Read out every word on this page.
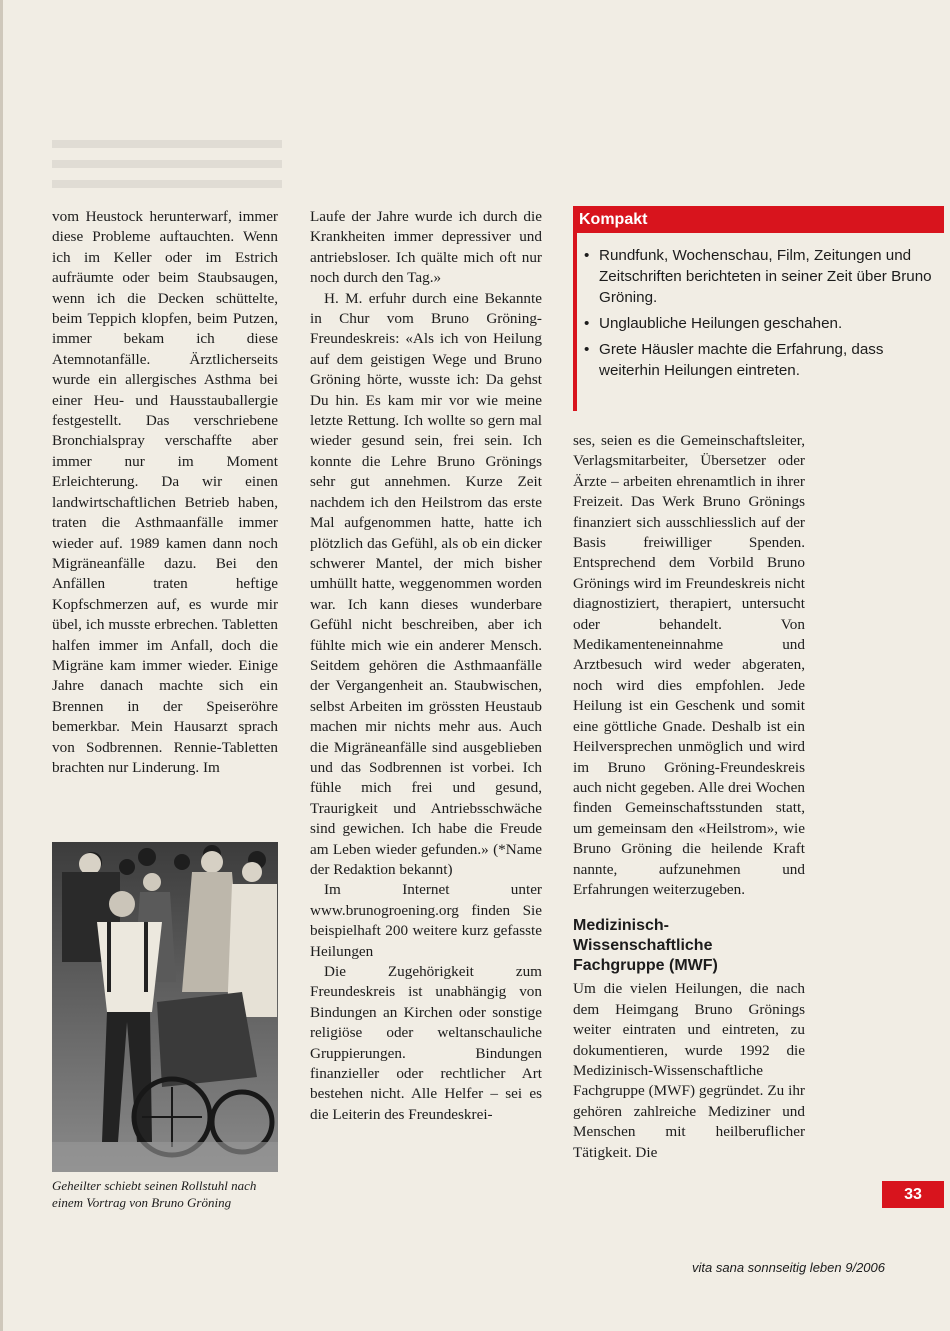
vom Heustock herunterwarf, immer diese Probleme auftauchten. Wenn ich im Keller oder im Estrich aufräumte oder beim Staubsaugen, wenn ich die Decken schüttelte, beim Teppich klopfen, beim Putzen, immer bekam ich diese Atemnotanfälle. Ärztlicherseits wurde ein allergisches Asthma bei einer Heu- und Hausstauballergie festgestellt. Das verschriebene Bronchialspray verschaffte aber immer nur im Moment Erleichterung. Da wir einen landwirtschaftlichen Betrieb haben, traten die Asthmaanfälle immer wieder auf. 1989 kamen dann noch Migräneanfälle dazu. Bei den Anfällen traten heftige Kopfschmerzen auf, es wurde mir übel, ich musste erbrechen. Tabletten halfen immer im Anfall, doch die Migräne kam immer wieder. Einige Jahre danach machte sich ein Brennen in der Speiseröhre bemerkbar. Mein Hausarzt sprach von Sodbrennen. Rennie-Tabletten brachten nur Linderung. Im

Geheilter schiebt seinen Rollstuhl nach einem Vortrag von Bruno Gröning

Laufe der Jahre wurde ich durch die Krankheiten immer depressiver und antriebsloser. Ich quälte mich oft nur noch durch den Tag.»

H. M. erfuhr durch eine Bekannte in Chur vom Bruno Gröning-Freundeskreis: «Als ich von Heilung auf dem geistigen Wege und Bruno Gröning hörte, wusste ich: Da gehst Du hin. Es kam mir vor wie meine letzte Rettung. Ich wollte so gern mal wieder gesund sein, frei sein. Ich konnte die Lehre Bruno Grönings sehr gut annehmen. Kurze Zeit nachdem ich den Heilstrom das erste Mal aufgenommen hatte, hatte ich plötzlich das Gefühl, als ob ein dicker schwerer Mantel, der mich bisher umhüllt hatte, weggenommen worden war. Ich kann dieses wunderbare Gefühl nicht beschreiben, aber ich fühlte mich wie ein anderer Mensch. Seitdem gehören die Asthmaanfälle der Vergangenheit an. Staubwischen, selbst Arbeiten im grössten Heustaub machen mir nichts mehr aus. Auch die Migräneanfälle sind ausgeblieben und das Sodbrennen ist vorbei. Ich fühle mich frei und gesund, Traurigkeit und Antriebsschwäche sind gewichen. Ich habe die Freude am Leben wieder gefunden.» (*Name der Redaktion bekannt)

Im Internet unter www.brunogroening.org finden Sie beispielhaft 200 weitere kurz gefasste Heilungen

Die Zugehörigkeit zum Freundeskreis ist unabhängig von Bindungen an Kirchen oder sonstige religiöse oder weltanschauliche Gruppierungen. Bindungen finanzieller oder rechtlicher Art bestehen nicht. Alle Helfer – sei es die Leiterin des Freundeskrei-

Kompakt
• Rundfunk, Wochenschau, Film, Zeitungen und Zeitschriften berichteten in seiner Zeit über Bruno Gröning.
• Unglaubliche Heilungen geschahen.
• Grete Häusler machte die Erfahrung, dass weiterhin Heilungen eintreten.

ses, seien es die Gemeinschaftsleiter, Verlagsmitarbeiter, Übersetzer oder Ärzte – arbeiten ehrenamtlich in ihrer Freizeit. Das Werk Bruno Grönings finanziert sich ausschliesslich auf der Basis freiwilliger Spenden. Entsprechend dem Vorbild Bruno Grönings wird im Freundeskreis nicht diagnostiziert, therapiert, untersucht oder behandelt. Von Medikamenteneinnahme und Arztbesuch wird weder abgeraten, noch wird dies empfohlen. Jede Heilung ist ein Geschenk und somit eine göttliche Gnade. Deshalb ist ein Heilversprechen unmöglich und wird im Bruno Gröning-Freundeskreis auch nicht gegeben. Alle drei Wochen finden Gemeinschaftsstunden statt, um gemeinsam den «Heilstrom», wie Bruno Gröning die heilende Kraft nannte, aufzunehmen und Erfahrungen weiterzugeben.

Medizinisch-Wissenschaftliche Fachgruppe (MWF)

Um die vielen Heilungen, die nach dem Heimgang Bruno Grönings weiter eintraten und eintreten, zu dokumentieren, wurde 1992 die Medizinisch-Wissenschaftliche Fachgruppe (MWF) gegründet. Zu ihr gehören zahlreiche Mediziner und Menschen mit heilberuflicher Tätigkeit. Die

33
vita sana sonnseitig leben 9/2006
